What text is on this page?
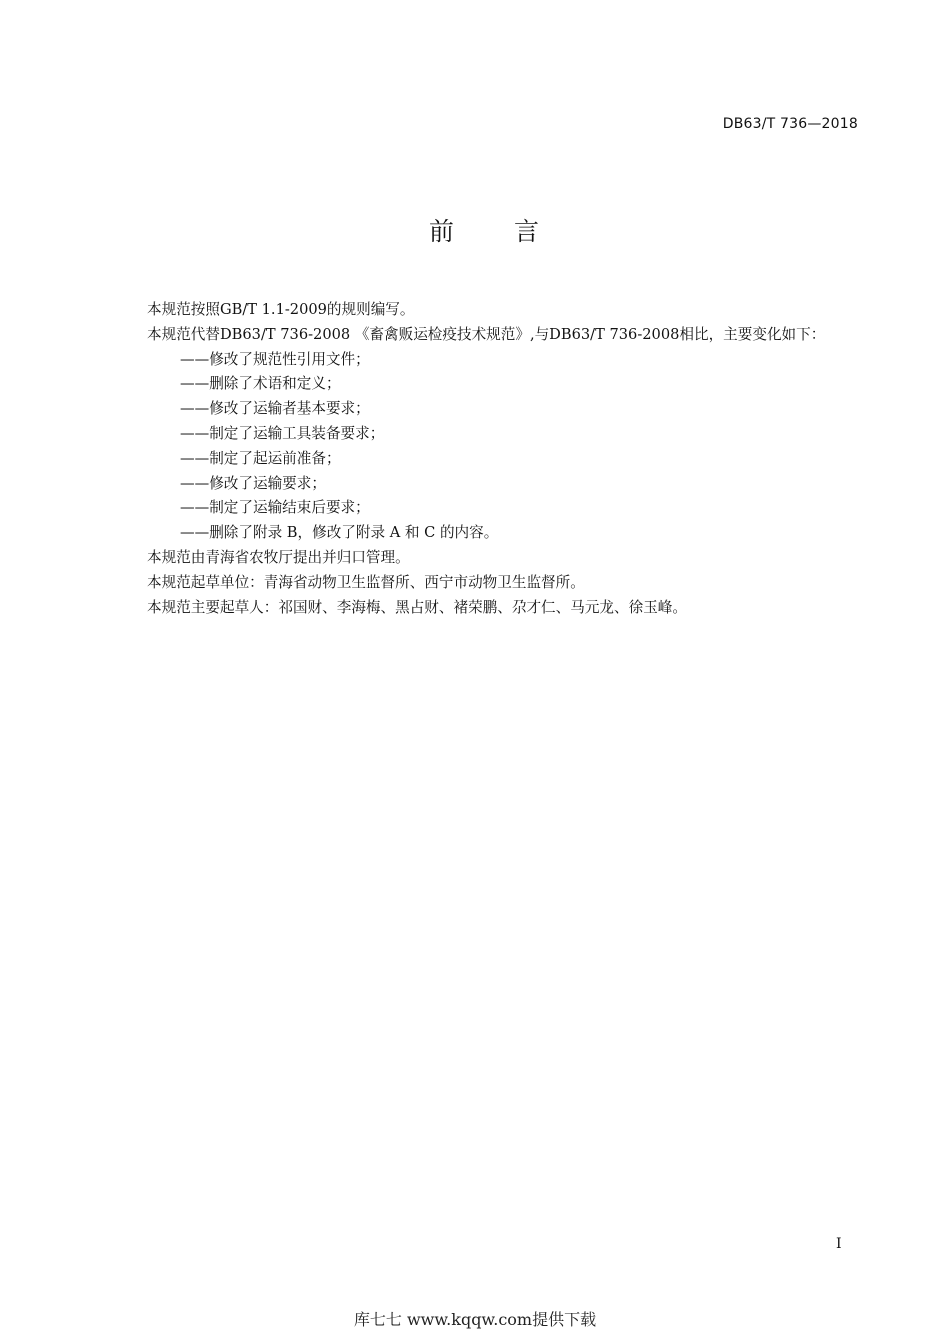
DB63/T 736—2018
前 言
本规范按照GB/T 1.1-2009的规则编写。
本规范代替DB63/T 736-2008 《畜禽贩运检疫技术规范》,与DB63/T 736-2008相比，主要变化如下：
——修改了规范性引用文件；
——删除了术语和定义；
——修改了运输者基本要求；
——制定了运输工具装备要求；
——制定了起运前准备；
——修改了运输要求；
——制定了运输结束后要求；
——删除了附录 B，修改了附录 A 和 C 的内容。
本规范由青海省农牧厅提出并归口管理。
本规范起草单位：青海省动物卫生监督所、西宁市动物卫生监督所。
本规范主要起草人：祁国财、李海梅、黑占财、褚荣鹏、尕才仁、马元龙、徐玉峰。
I
库七七 www.kqqw.com提供下载
